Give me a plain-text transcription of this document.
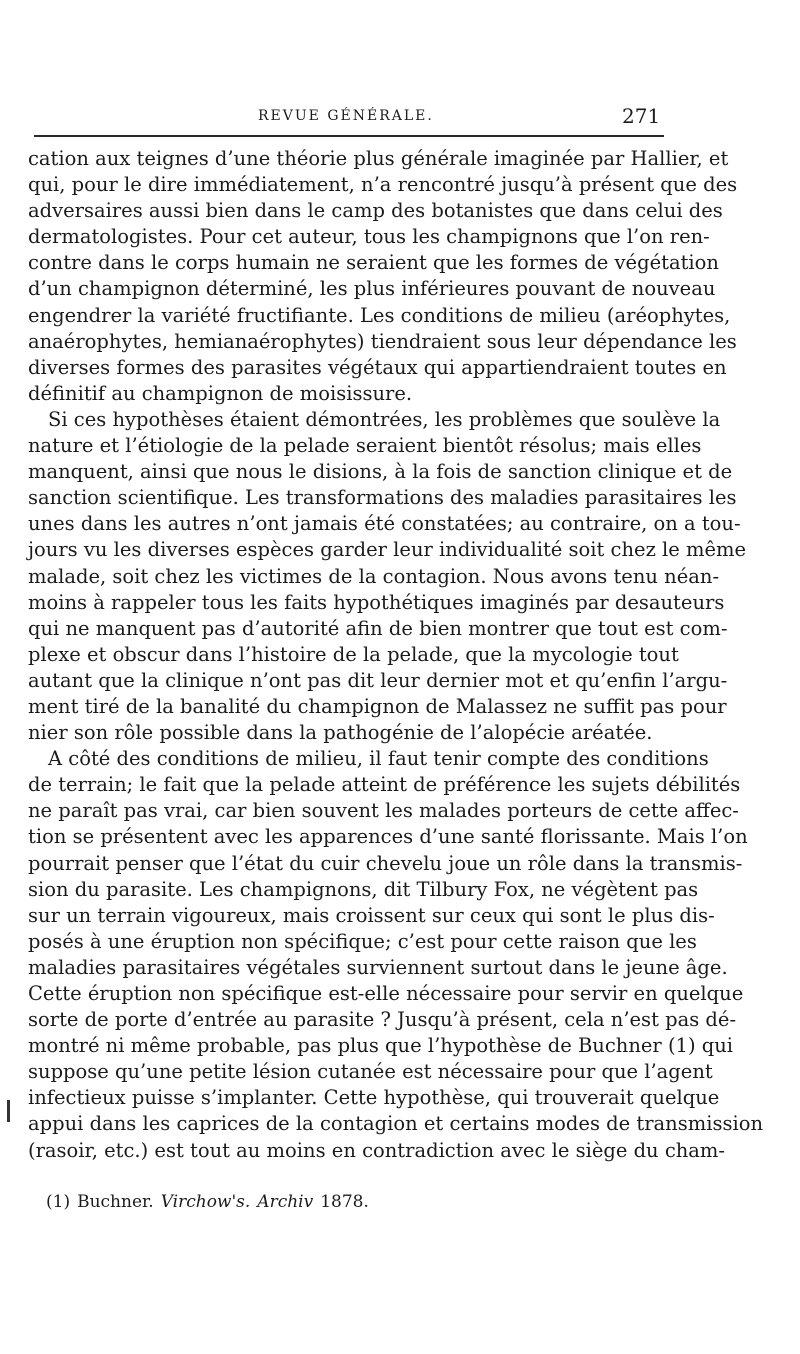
REVUE GÉNÉRALE.	271
cation aux teignes d’une théorie plus générale imaginée par Hallier, et
qui, pour le dire immédiatement, n’a rencontré jusqu’à présent que des
adversaires aussi bien dans le camp des botanistes que dans celui des
dermatologistes. Pour cet auteur, tous les champignons que l’on ren-
contre dans le corps humain ne seraient que les formes de végétation
d’un champignon déterminé, les plus inférieures pouvant de nouveau
engendrer la variété fructifiante. Les conditions de milieu (aréophytes,
anaérophytes, hemianaérophytes) tiendraient sous leur dépendance les
diverses formes des parasites végétaux qui appartiendraient toutes en
définitif au champignon de moisissure.
Si ces hypothèses étaient démontrées, les problèmes que soulève la
nature et l’étiologie de la pelade seraient bientôt résolus; mais elles
manquent, ainsi que nous le disions, à la fois de sanction clinique et de
sanction scientifique. Les transformations des maladies parasitaires les
unes dans les autres n’ont jamais été constatées; au contraire, on a tou-
jours vu les diverses espèces garder leur individualité soit chez le même
malade, soit chez les victimes de la contagion. Nous avons tenu néan-
moins à rappeler tous les faits hypothétiques imaginés par desauteurs
qui ne manquent pas d’autorité afin de bien montrer que tout est com-
plexe et obscur dans l’histoire de la pelade, que la mycologie tout
autant que la clinique n’ont pas dit leur dernier mot et qu’enfin l’argu-
ment tiré de la banalité du champignon de Malassez ne suffit pas pour
nier son rôle possible dans la pathogénie de l’alopécie aréatée.
A côté des conditions de milieu, il faut tenir compte des conditions
de terrain; le fait que la pelade atteint de préférence les sujets débilités
ne paraît pas vrai, car bien souvent les malades porteurs de cette affec-
tion se présentent avec les apparences d’une santé florissante. Mais l’on
pourrait penser que l’état du cuir chevelu joue un rôle dans la transmis-
sion du parasite. Les champignons, dit Tilbury Fox, ne végètent pas
sur un terrain vigoureux, mais croissent sur ceux qui sont le plus dis-
posés à une éruption non spécifique; c’est pour cette raison que les
maladies parasitaires végétales surviennent surtout dans le jeune âge.
Cette éruption non spécifique est-elle nécessaire pour servir en quelque
sorte de porte d’entrée au parasite ? Jusqu’à présent, cela n’est pas dé-
montré ni même probable, pas plus que l’hypothèse de Buchner (1) qui
suppose qu’une petite lésion cutanée est nécessaire pour que l’agent
infectieux puisse s’implanter. Cette hypothèse, qui trouverait quelque
appui dans les caprices de la contagion et certains modes de transmission
(rasoir, etc.) est tout au moins en contradiction avec le siège du cham-
(1) Buchner. Virchow's. Archiv 1878.
